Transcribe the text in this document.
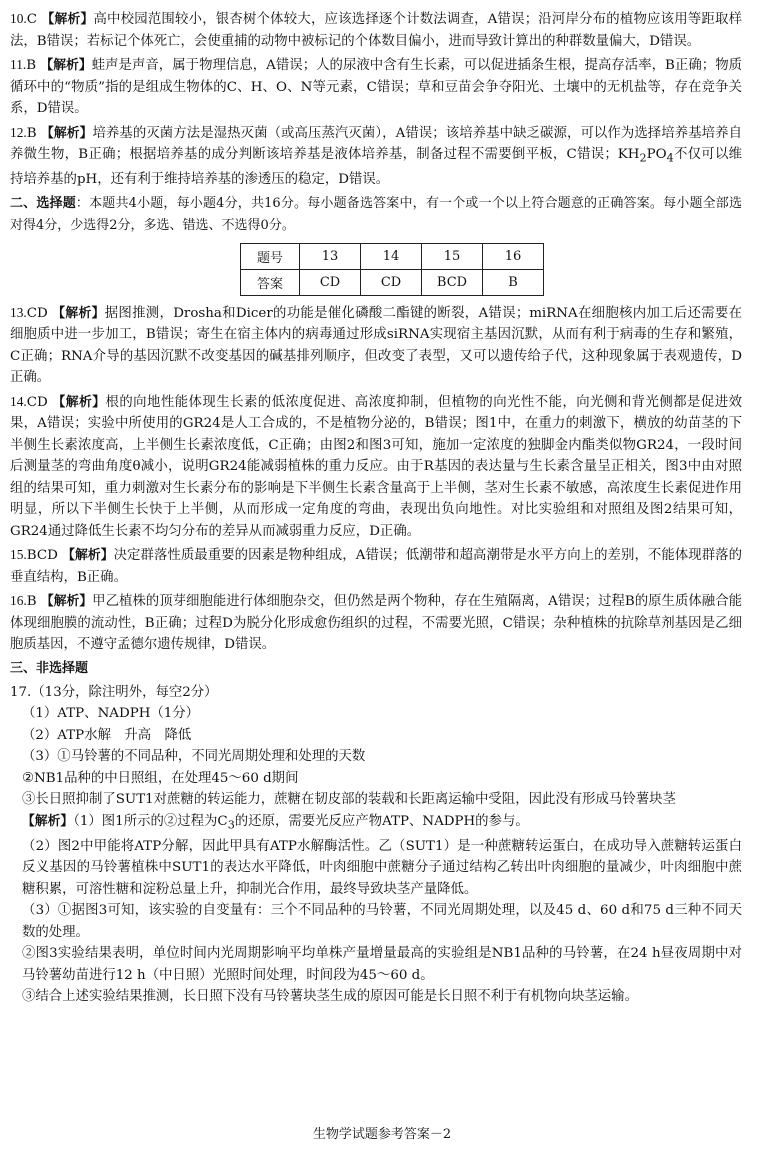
10.C 【解析】高中校园范围较小，银杏树个体较大，应该选择逐个计数法调查，A错误；沿河岸分布的植物应该用等距取样法，B错误；若标记个体死亡，会使重捕的动物中被标记的个体数目偏小，进而导致计算出的种群数量偏大，D错误。

11.B 【解析】蛙声是声音，属于物理信息，A错误；人的尿液中含有生长素，可以促进插条生根，提高存活率，B正确；物质循环中的“物质”指的是组成生物体的C、H、O、N等元素，C错误；草和豆苗会争夺阳光、土壤中的无机盐等，存在竞争关系，D错误。

12.B 【解析】培养基的灭菌方法是湿热灭菌（或高压蒸汽灭菌），A错误；该培养基中缺乏碳源，可以作为选择培养基培养自养微生物，B正确；根据培养基的成分判断该培养基是液体培养基，制备过程不需要倒平板，C错误；$KH_2PO_4$不仅可以维持培养基的pH，还有利于维持培养基的渗透压的稳定，D错误。

二、选择题：本题共4小题，每小题4分，共16分。每小题备选答案中，有一个或一个以上符合题意的正确答案。每小题全部选对得4分，少选得2分，多选、错选、不选得0分。

题号	13	14	15	16
答案	CD	CD	BCD	B

13.CD 【解析】据图推测，Drosha和Dicer的功能是催化磷酸二酯键的断裂，A错误；miRNA在细胞核内加工后还需要在细胞质中进一步加工，B错误；寄生在宿主体内的病毒通过形成siRNA实现宿主基因沉默，从而有利于病毒的生存和繁殖，C正确；RNA介导的基因沉默不改变基因的碱基排列顺序，但改变了表型，又可以遗传给子代，这种现象属于表观遗传，D正确。

14.CD 【解析】根的向地性能体现生长素的低浓度促进、高浓度抑制，但植物的向光性不能，向光侧和背光侧都是促进效果，A错误；实验中所使用的GR24是人工合成的，不是植物分泌的，B错误；图1中，在重力的刺激下，横放的幼苗茎的下半侧生长素浓度高，上半侧生长素浓度低，C正确；由图2和图3可知，施加一定浓度的独脚金内酯类似物GR24，一段时间后测量茎的弯曲角度θ减小，说明GR24能减弱植株的重力反应。由于R基因的表达量与生长素含量呈正相关，图3中由对照组的结果可知，重力刺激对生长素分布的影响是下半侧生长素含量高于上半侧，茎对生长素不敏感，高浓度生长素促进作用明显，所以下半侧生长快于上半侧，从而形成一定角度的弯曲，表现出负向地性。对比实验组和对照组及图2结果可知，GR24通过降低生长素不均匀分布的差异从而减弱重力反应，D正确。

15.BCD 【解析】决定群落性质最重要的因素是物种组成，A错误；低潮带和超高潮带是水平方向上的差别，不能体现群落的垂直结构，B正确。

16.B 【解析】甲乙植株的顶芽细胞能进行体细胞杂交，但仍然是两个物种，存在生殖隔离，A错误；过程B的原生质体融合能体现细胞膜的流动性，B正确；过程D为脱分化形成愈伤组织的过程，不需要光照，C错误；杂种植株的抗除草剂基因是乙细胞质基因，不遵守孟德尔遗传规律，D错误。

三、非选择题

17.（13分，除注明外，每空2分）

（1）ATP、NADPH（1分）

（2）ATP水解　升高　降低

（3）①马铃薯的不同品种，不同光周期处理和处理的天数

②NB1品种的中日照组，在处理45～60 d期间

③长日照抑制了SUT1对蔗糖的转运能力，蔗糖在韧皮部的装载和长距离运输中受阻，因此没有形成马铃薯块茎

【解析】（1）图1所示的②过程为$C_3$的还原，需要光反应产物ATP、NADPH的参与。

（2）图2中甲能将ATP分解，因此甲具有ATP水解酶活性。乙（SUT1）是一种蔗糖转运蛋白，在成功导入蔗糖转运蛋白反义基因的马铃薯植株中SUT1的表达水平降低，叶肉细胞中蔗糖分子通过结构乙转出叶肉细胞的量减少，叶肉细胞中蔗糖积累，可溶性糖和淀粉总量上升，抑制光合作用，最终导致块茎产量降低。

（3）①据图3可知，该实验的自变量有：三个不同品种的马铃薯，不同光周期处理，以及45 d、60 d和75 d三种不同天数的处理。

②图3实验结果表明，单位时间内光周期影响平均单株产量增量最高的实验组是NB1品种的马铃薯，在24 h昼夜周期中对马铃薯幼苗进行12 h（中日照）光照时间处理，时间段为45～60 d。

③结合上述实验结果推测，长日照下没有马铃薯块茎生成的原因可能是长日照不利于有机物向块茎运输。

生物学试题参考答案－2
